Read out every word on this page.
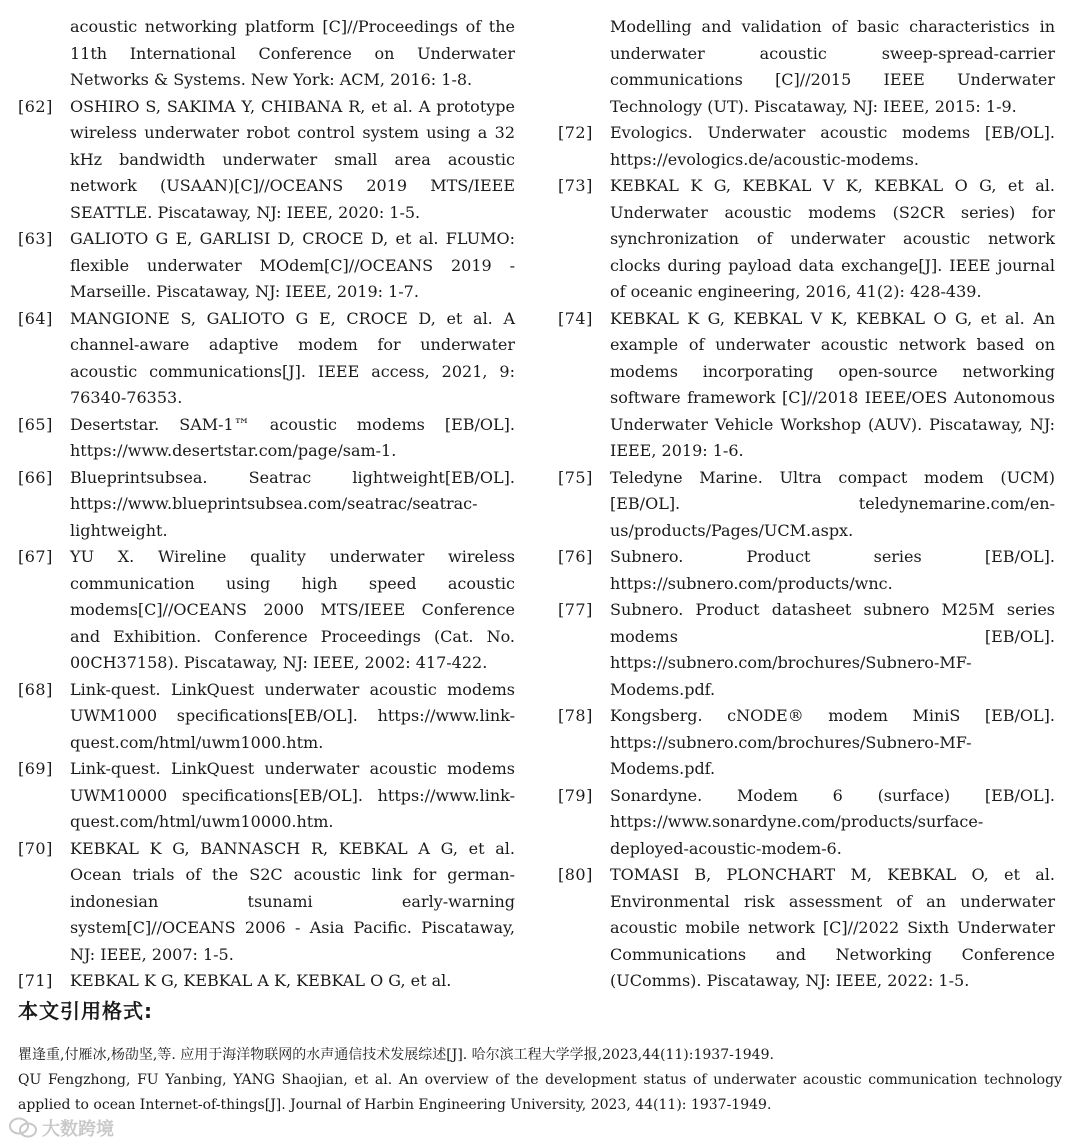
acoustic networking platform [C]//Proceedings of the 11th International Conference on Underwater Networks & Systems. New York: ACM, 2016: 1-8.
[62]	OSHIRO S, SAKIMA Y, CHIBANA R, et al. A prototype wireless underwater robot control system using a 32 kHz bandwidth underwater small area acoustic network (USAAN)[C]//OCEANS 2019 MTS/IEEE SEATTLE. Piscataway, NJ: IEEE, 2020: 1-5.
[63]	GALIOTO G E, GARLISI D, CROCE D, et al. FLUMO: flexible underwater MOdem[C]//OCEANS 2019 - Marseille. Piscataway, NJ: IEEE, 2019: 1-7.
[64]	MANGIONE S, GALIOTO G E, CROCE D, et al. A channel-aware adaptive modem for underwater acoustic communications[J]. IEEE access, 2021, 9: 76340-76353.
[65]	Desertstar. SAM-1™ acoustic modems [EB/OL]. https://www.desertstar.com/page/sam-1.
[66]	Blueprintsubsea. Seatrac lightweight[EB/OL]. https://www.blueprintsubsea.com/seatrac/seatrac-lightweight.
[67]	YU X. Wireline quality underwater wireless communication using high speed acoustic modems[C]//OCEANS 2000 MTS/IEEE Conference and Exhibition. Conference Proceedings (Cat. No. 00CH37158). Piscataway, NJ: IEEE, 2002: 417-422.
[68]	Link-quest. LinkQuest underwater acoustic modems UWM1000 specifications[EB/OL]. https://www.link-quest.com/html/uwm1000.htm.
[69]	Link-quest. LinkQuest underwater acoustic modems UWM10000 specifications[EB/OL]. https://www.link-quest.com/html/uwm10000.htm.
[70]	KEBKAL K G, BANNASCH R, KEBKAL A G, et al. Ocean trials of the S2C acoustic link for german-indonesian tsunami early-warning system[C]//OCEANS 2006 - Asia Pacific. Piscataway, NJ: IEEE, 2007: 1-5.
[71]	KEBKAL K G, KEBKAL A K, KEBKAL O G, et al.
Modelling and validation of basic characteristics in underwater acoustic sweep-spread-carrier communications [C]//2015 IEEE Underwater Technology (UT). Piscataway, NJ: IEEE, 2015: 1-9.
[72]	Evologics. Underwater acoustic modems [EB/OL]. https://evologics.de/acoustic-modems.
[73]	KEBKAL K G, KEBKAL V K, KEBKAL O G, et al. Underwater acoustic modems (S2CR series) for synchronization of underwater acoustic network clocks during payload data exchange[J]. IEEE journal of oceanic engineering, 2016, 41(2): 428-439.
[74]	KEBKAL K G, KEBKAL V K, KEBKAL O G, et al. An example of underwater acoustic network based on modems incorporating open-source networking software framework [C]//2018 IEEE/OES Autonomous Underwater Vehicle Workshop (AUV). Piscataway, NJ: IEEE, 2019: 1-6.
[75]	Teledyne Marine. Ultra compact modem (UCM) [EB/OL]. teledynemarine.com/en-us/products/Pages/UCM.aspx.
[76]	Subnero. Product series [EB/OL]. https://subnero.com/products/wnc.
[77]	Subnero. Product datasheet subnero M25M series modems [EB/OL]. https://subnero.com/brochures/Subnero-MF-Modems.pdf.
[78]	Kongsberg. cNODE® modem MiniS [EB/OL]. https://subnero.com/brochures/Subnero-MF-Modems.pdf.
[79]	Sonardyne. Modem 6 (surface) [EB/OL]. https://www.sonardyne.com/products/surface-deployed-acoustic-modem-6.
[80]	TOMASI B, PLONCHART M, KEBKAL O, et al. Environmental risk assessment of an underwater acoustic mobile network [C]//2022 Sixth Underwater Communications and Networking Conference (UComms). Piscataway, NJ: IEEE, 2022: 1-5.
本文引用格式:

瞿逢重,付雁冰,杨劭坚,等. 应用于海洋物联网的水声通信技术发展综述[J]. 哈尔滨工程大学学报,2023,44(11):1937-1949.

QU Fengzhong, FU Yanbing, YANG Shaojian, et al. An overview of the development status of underwater acoustic communication technology applied to ocean Internet-of-things[J]. Journal of Harbin Engineering University, 2023, 44(11): 1937-1949.

大数跨境
